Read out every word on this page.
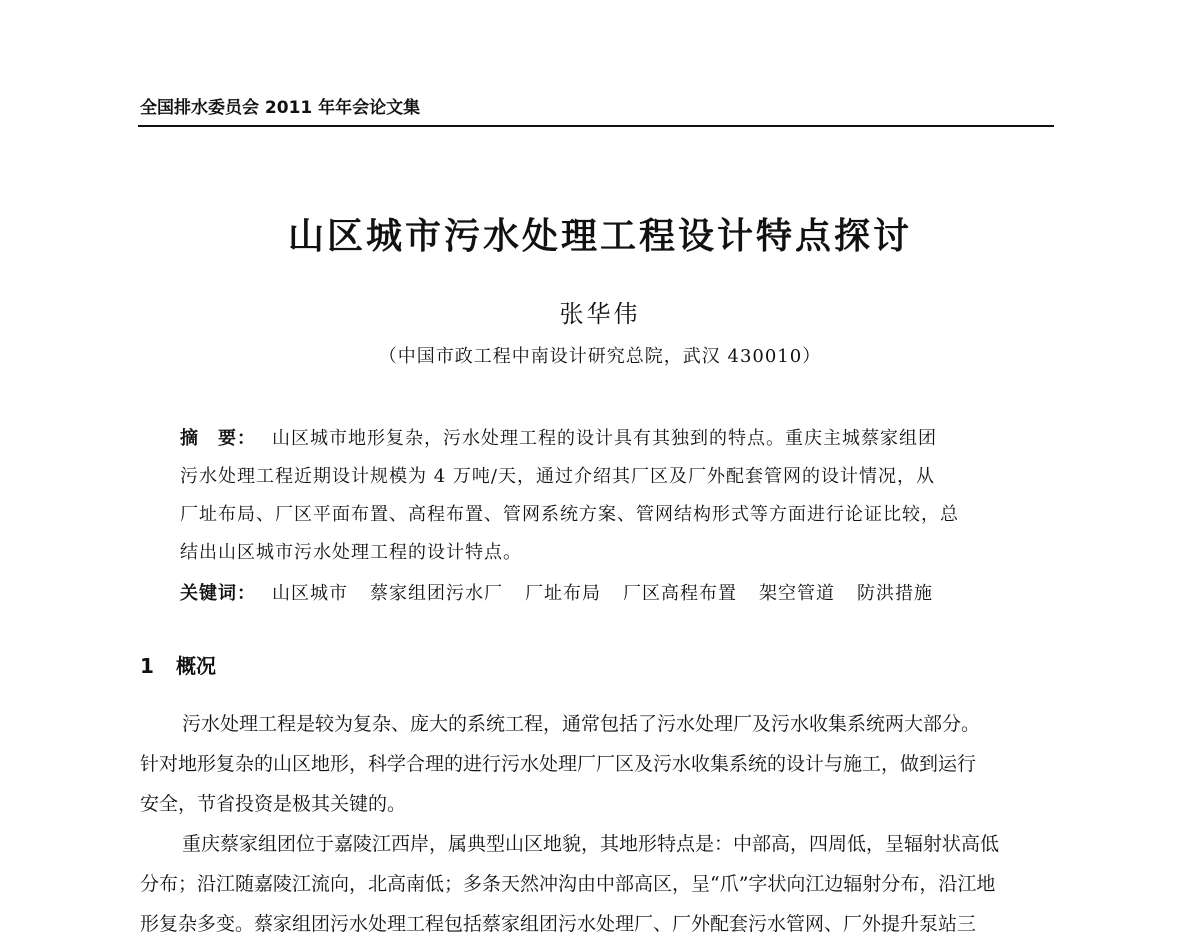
全国排水委员会 2011 年年会论文集
山区城市污水处理工程设计特点探讨
张华伟
（中国市政工程中南设计研究总院，武汉 430010）
摘　要： 山区城市地形复杂，污水处理工程的设计具有其独到的特点。重庆主城蔡家组团
污水处理工程近期设计规模为 4 万吨/天，通过介绍其厂区及厂外配套管网的设计情况，从
厂址布局、厂区平面布置、高程布置、管网系统方案、管网结构形式等方面进行论证比较，总
结出山区城市污水处理工程的设计特点。
关键词： 山区城市 蔡家组团污水厂 厂址布局 厂区高程布置 架空管道 防洪措施
1 概况
污水处理工程是较为复杂、庞大的系统工程，通常包括了污水处理厂及污水收集系统两大部分。
针对地形复杂的山区地形，科学合理的进行污水处理厂厂区及污水收集系统的设计与施工，做到运行
安全，节省投资是极其关键的。
重庆蔡家组团位于嘉陵江西岸，属典型山区地貌，其地形特点是：中部高，四周低，呈辐射状高低
分布；沿江随嘉陵江流向，北高南低；多条天然冲沟由中部高区，呈“爪”字状向江边辐射分布，沿江地
形复杂多变。蔡家组团污水处理工程包括蔡家组团污水处理厂、厂外配套污水管网、厂外提升泵站三
